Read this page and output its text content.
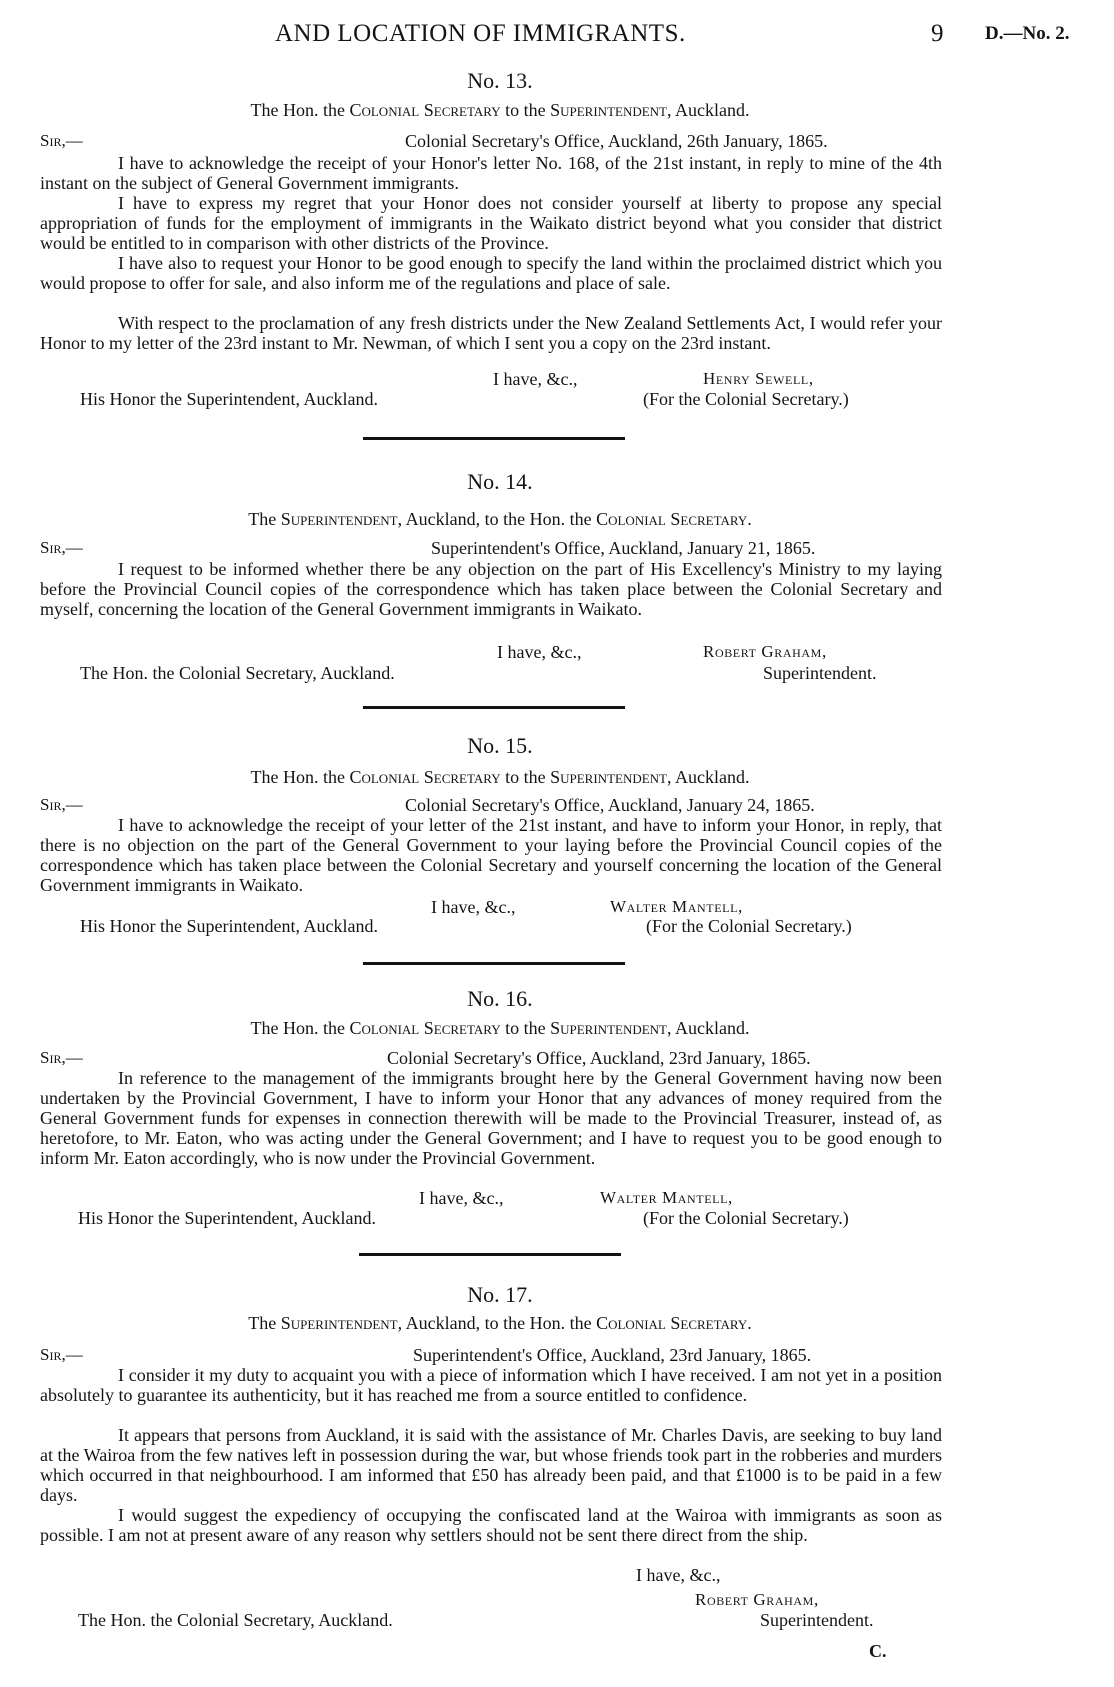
AND LOCATION OF IMMIGRANTS.	9 D.—No. 2.
No. 13.
The Hon. the Colonial Secretary to the Superintendent, Auckland.
Sir,—	Colonial Secretary's Office, Auckland, 26th January, 1865.
I have to acknowledge the receipt of your Honor's letter No. 168, of the 21st instant, in reply to mine of the 4th instant on the subject of General Government immigrants.
I have to express my regret that your Honor does not consider yourself at liberty to propose any special appropriation of funds for the employment of immigrants in the Waikato district beyond what you consider that district would be entitled to in comparison with other districts of the Province.
I have also to request your Honor to be good enough to specify the land within the proclaimed district which you would propose to offer for sale, and also inform me of the regulations and place of sale.
With respect to the proclamation of any fresh districts under the New Zealand Settlements Act, I would refer your Honor to my letter of the 23rd instant to Mr. Newman, of which I sent you a copy on the 23rd instant.
I have, &c.,	Henry Sewell,
His Honor the Superintendent, Auckland.	(For the Colonial Secretary.)
No. 14.
The Superintendent, Auckland, to the Hon. the Colonial Secretary.
Sir,—	Superintendent's Office, Auckland, January 21, 1865.
I request to be informed whether there be any objection on the part of His Excellency's Ministry to my laying before the Provincial Council copies of the correspondence which has taken place between the Colonial Secretary and myself, concerning the location of the General Government immigrants in Waikato.
I have, &c.,	Robert Graham,
The Hon. the Colonial Secretary, Auckland.	Superintendent.
No. 15.
The Hon. the Colonial Secretary to the Superintendent, Auckland.
Sir,—	Colonial Secretary's Office, Auckland, January 24, 1865.
I have to acknowledge the receipt of your letter of the 21st instant, and have to inform your Honor, in reply, that there is no objection on the part of the General Government to your laying before the Provincial Council copies of the correspondence which has taken place between the Colonial Secretary and yourself concerning the location of the General Government immigrants in Waikato.
I have, &c.,	Walter Mantell,
His Honor the Superintendent, Auckland.	(For the Colonial Secretary.)
No. 16.
The Hon. the Colonial Secretary to the Superintendent, Auckland.
Sir,—	Colonial Secretary's Office, Auckland, 23rd January, 1865.
In reference to the management of the immigrants brought here by the General Government having now been undertaken by the Provincial Government, I have to inform your Honor that any advances of money required from the General Government funds for expenses in connection therewith will be made to the Provincial Treasurer, instead of, as heretofore, to Mr. Eaton, who was acting under the General Government; and I have to request you to be good enough to inform Mr. Eaton accordingly, who is now under the Provincial Government.
I have, &c.,	Walter Mantell,
His Honor the Superintendent, Auckland.	(For the Colonial Secretary.)
No. 17.
The Superintendent, Auckland, to the Hon. the Colonial Secretary.
Sir,—	Superintendent's Office, Auckland, 23rd January, 1865.
I consider it my duty to acquaint you with a piece of information which I have received. I am not yet in a position absolutely to guarantee its authenticity, but it has reached me from a source entitled to confidence.
It appears that persons from Auckland, it is said with the assistance of Mr. Charles Davis, are seeking to buy land at the Wairoa from the few natives left in possession during the war, but whose friends took part in the robberies and murders which occurred in that neighbourhood. I am informed that £50 has already been paid, and that £1000 is to be paid in a few days.
I would suggest the expediency of occupying the confiscated land at the Wairoa with immigrants as soon as possible. I am not at present aware of any reason why settlers should not be sent there direct from the ship.
I have, &c.,
Robert Graham,
The Hon. the Colonial Secretary, Auckland.	Superintendent.
C.
